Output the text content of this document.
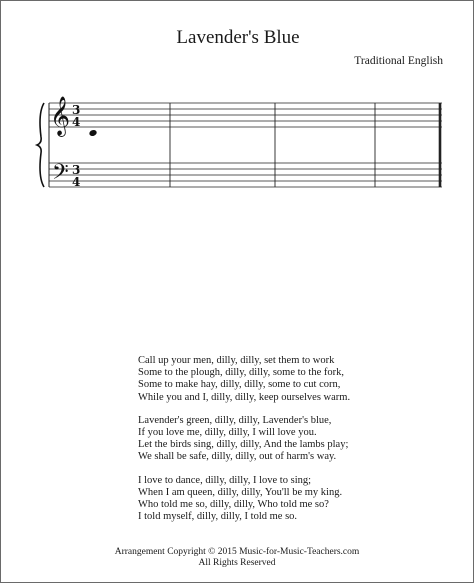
Lavender's Blue
Traditional English
𝄞
𝄢
3
4
3
4
Call up your men, dilly, dilly, set them to work
Some to the plough, dilly, dilly, some to the fork,
Some to make hay, dilly, dilly, some to cut corn,
While you and I, dilly, dilly, keep ourselves warm.
Lavender's green, dilly, dilly, Lavender's blue,
If you love me, dilly, dilly, I will love you.
Let the birds sing, dilly, dilly, And the lambs play;
We shall be safe, dilly, dilly, out of harm's way.
I love to dance, dilly, dilly, I love to sing;
When I am queen, dilly, dilly, You'll be my king.
Who told me so, dilly, dilly, Who told me so?
I told myself, dilly, dilly, I told me so.
Arrangement Copyright © 2015 Music-for-Music-Teachers.com
All Rights Reserved
